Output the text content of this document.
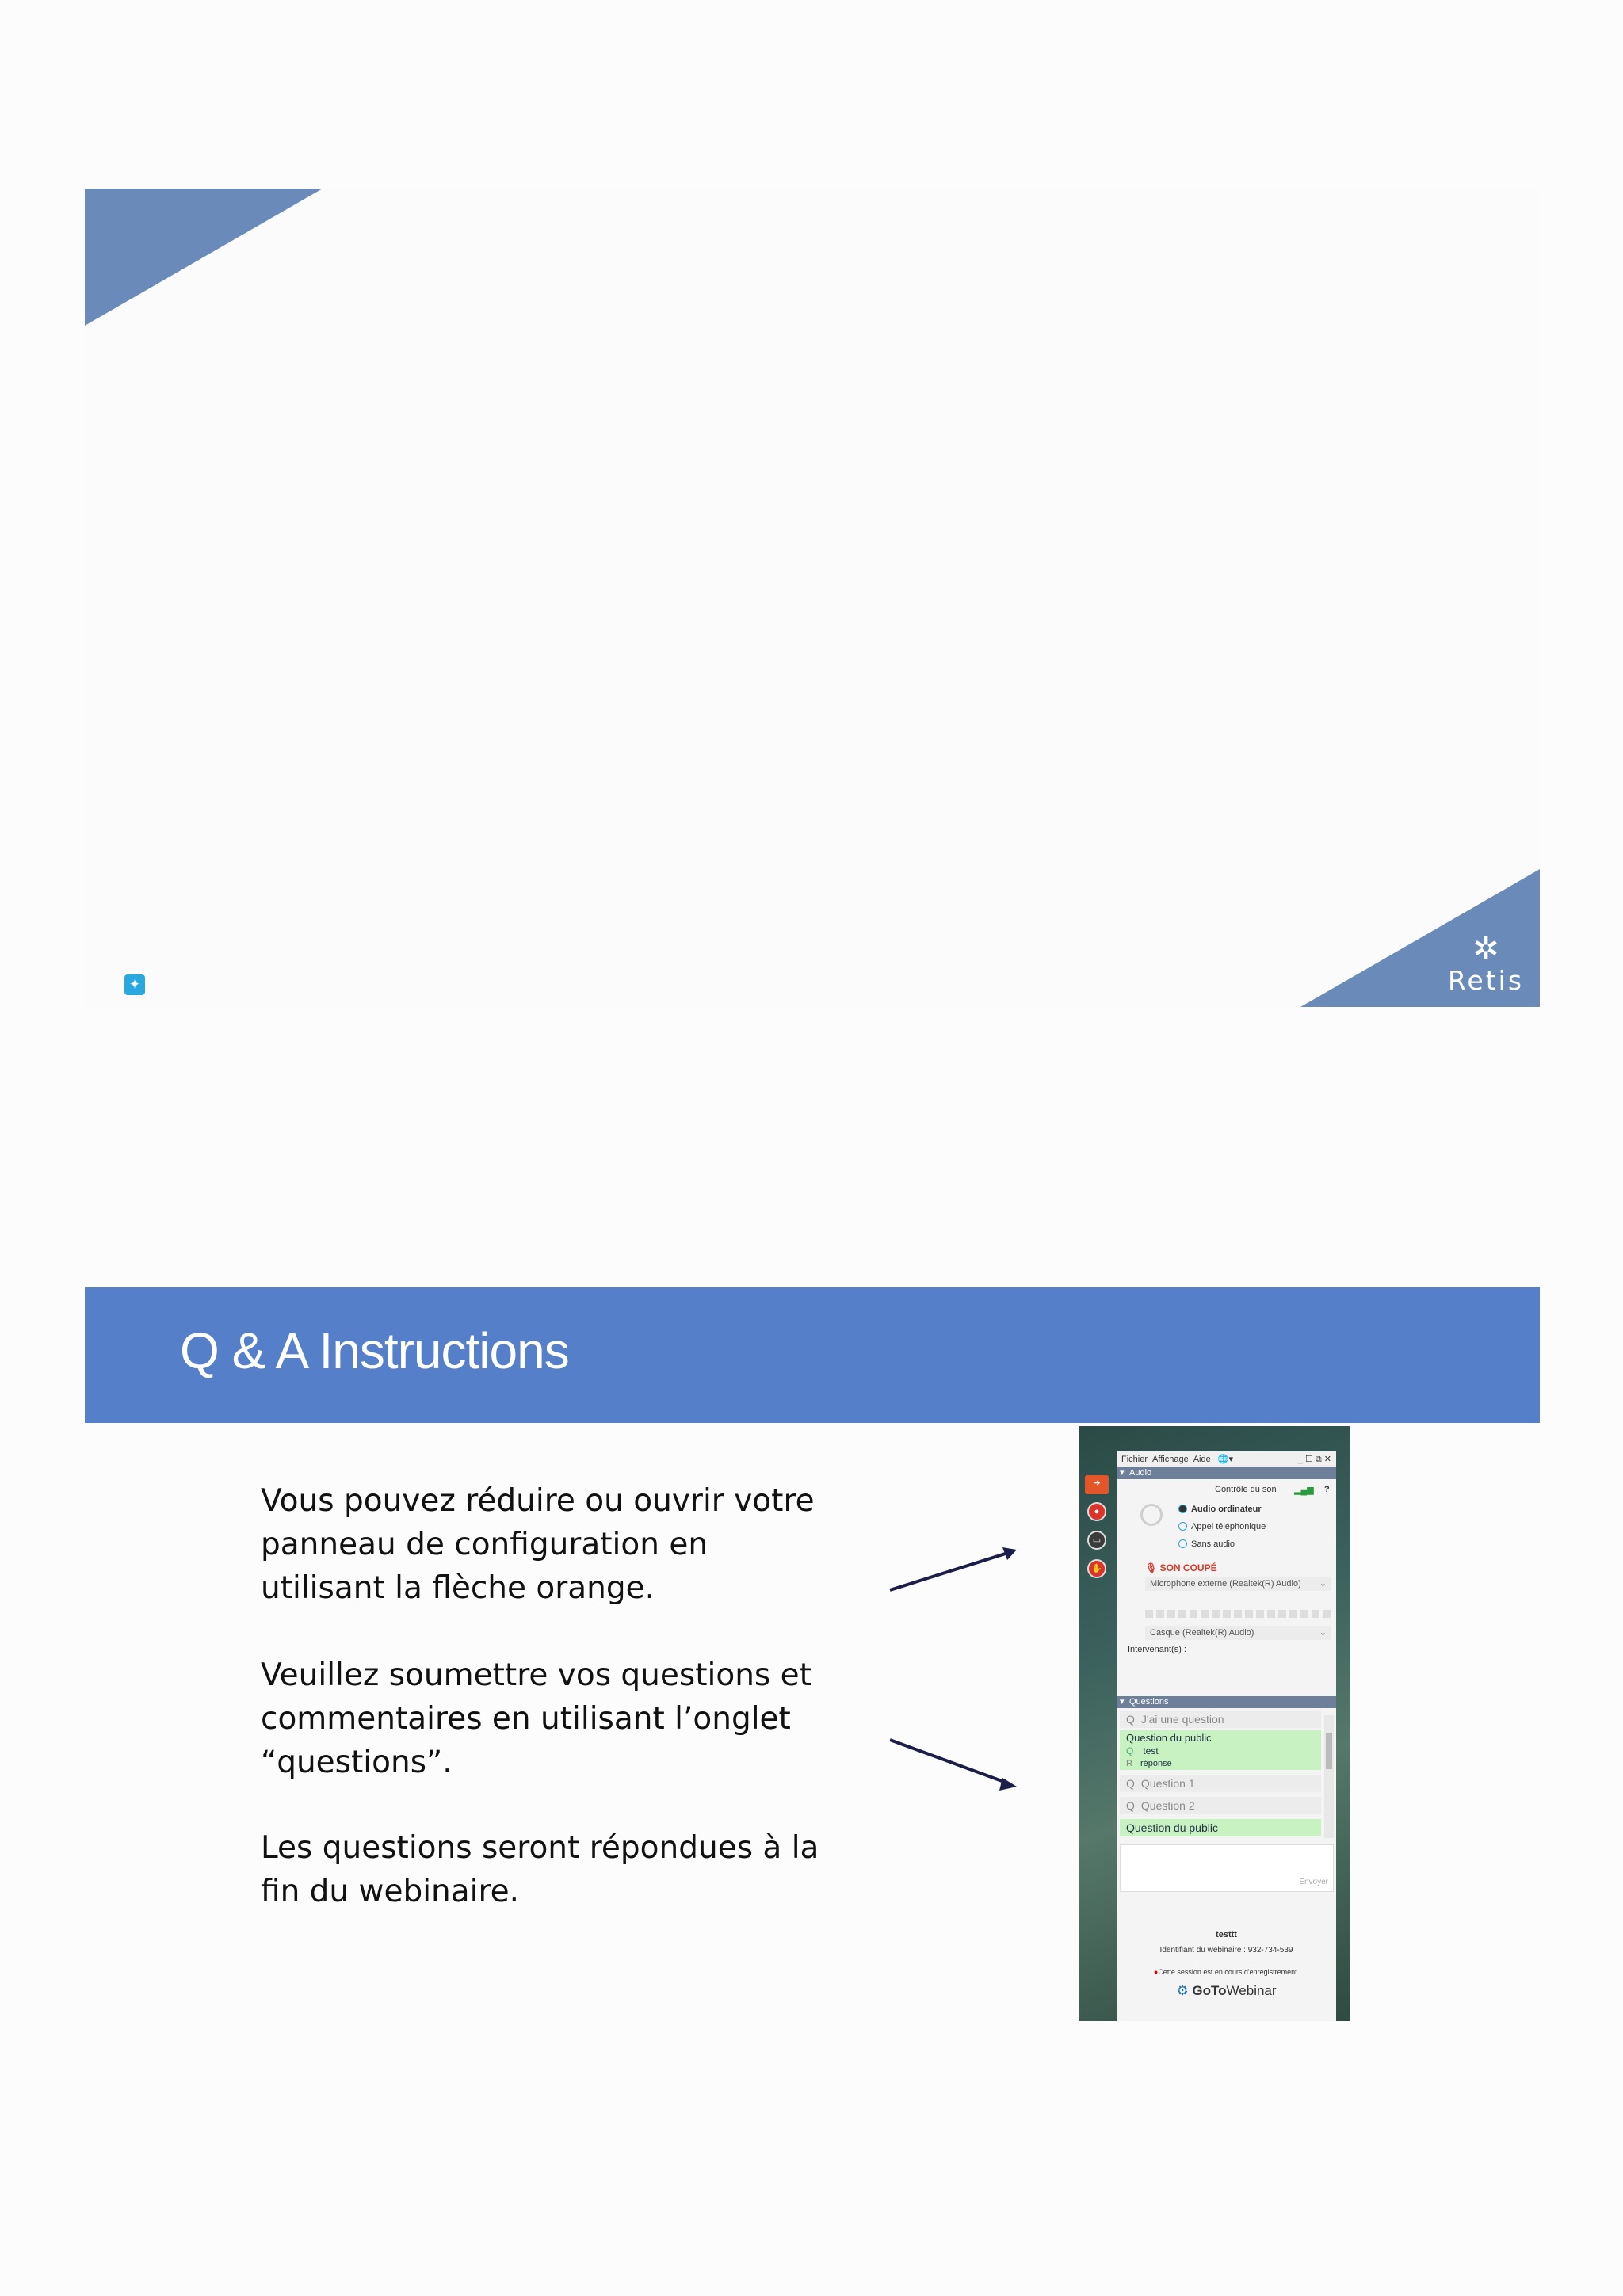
✲
Retis
✦
Q & A Instructions
Vous pouvez réduire ou ouvrir votre
panneau de configuration en
utilisant la flèche orange.
Veuillez soumettre vos questions et
commentaires en utilisant l’onglet
“questions”.
Les questions seront répondues à la
fin du webinaire.
➔
●
▭
✋
Fichier Affichage Aide 🌐▾	_ ☐ ⧉ ✕
▾ Audio
Contrôle du son ▂▄▆ ?
Audio ordinateur
Appel téléphonique
Sans audio
🎙 SON COUPÉ
Microphone externe (Realtek(R) Audio) ⌄
Casque (Realtek(R) Audio)	⌄
Intervenant(s) :
▾ Questions
Q J'ai une question
Question du public
Q test
R réponse
Q Question 1
Q Question 2
Question du public
Envoyer
testtt
Identifiant du webinaire : 932-734-539
●Cette session est en cours d'enregistrement.
⚙ GoToWebinar
